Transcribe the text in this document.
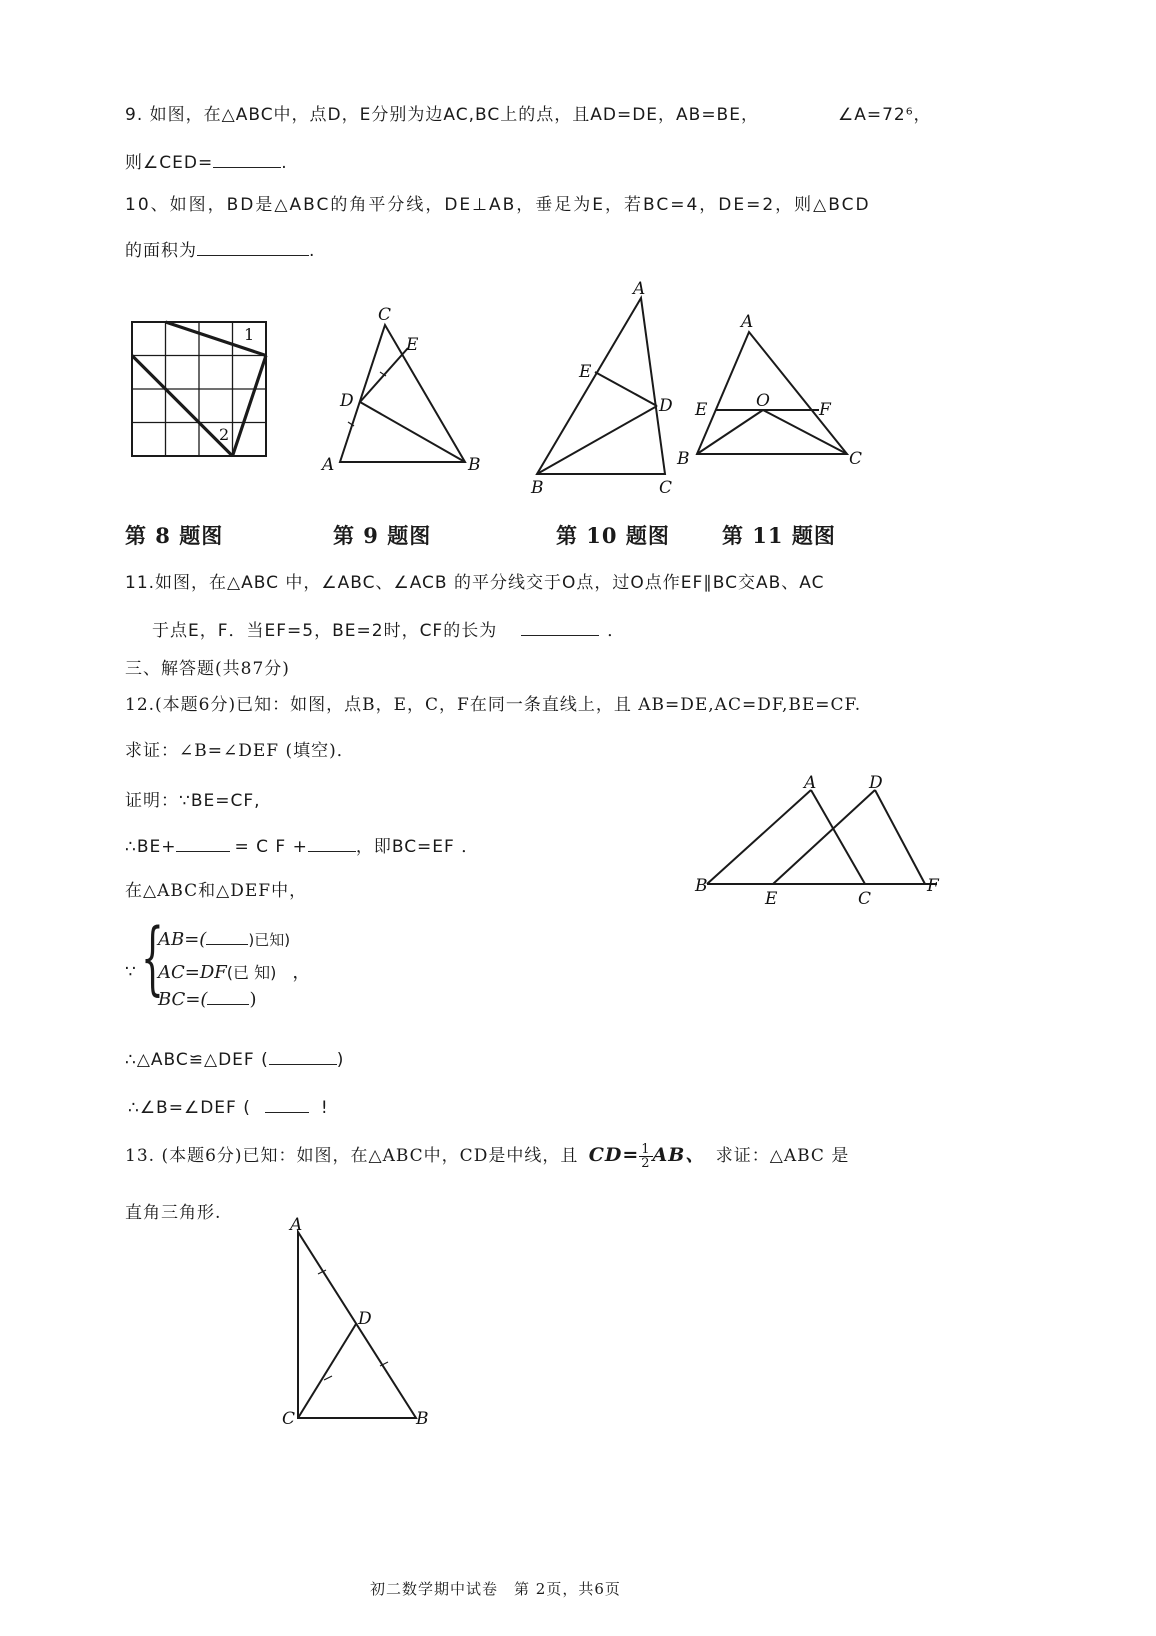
9. 如图，在△ABC中，点D，E分别为边AC,BC上的点，且AD=DE，AB=BE，	∠A=72⁶，
则∠CED=	.
10、如图，BD是△ABC的角平分线，DE⊥AB，垂足为E，若BC=4，DE=2，则△BCD
的面积为	.
1
2
C
E
D
A	B
A
E
D
B	C
A
E	O	F
B	C
第 8 题图	第 9 题图	第 10 题图 第 11 题图
11.如图，在△ABC 中，∠ABC、∠ACB 的平分线交于O点，过O点作EF∥BC交AB、AC
于点E，F．当EF=5，BE=2时，CF的长为	．
三、解答题(共87分)
12.(本题6分)已知：如图，点B，E，C，F在同一条直线上，且 AB=DE,AC=DF,BE=CF.
求证：∠B=∠DEF (填空)．
证明：∵BE=CF,
∴BE+	= C F +	，即BC=EF ．
在△ABC和△DEF中，
∵ {
AB=(	)已知)
AC=DF(已 知) ，
BC=( )
∴△ABC≌△DEF (	)
∴∠B=∠DEF (	!
A	D
B
E	C
F
13. (本题6分)已知：如图，在△ABC中，CD是中线，且 $CD= \frac{1}{2}$ AB、 求证：△ABC 是
直角三角形.
A
D
C	B
初二数学期中试卷　第 2页，共6页
